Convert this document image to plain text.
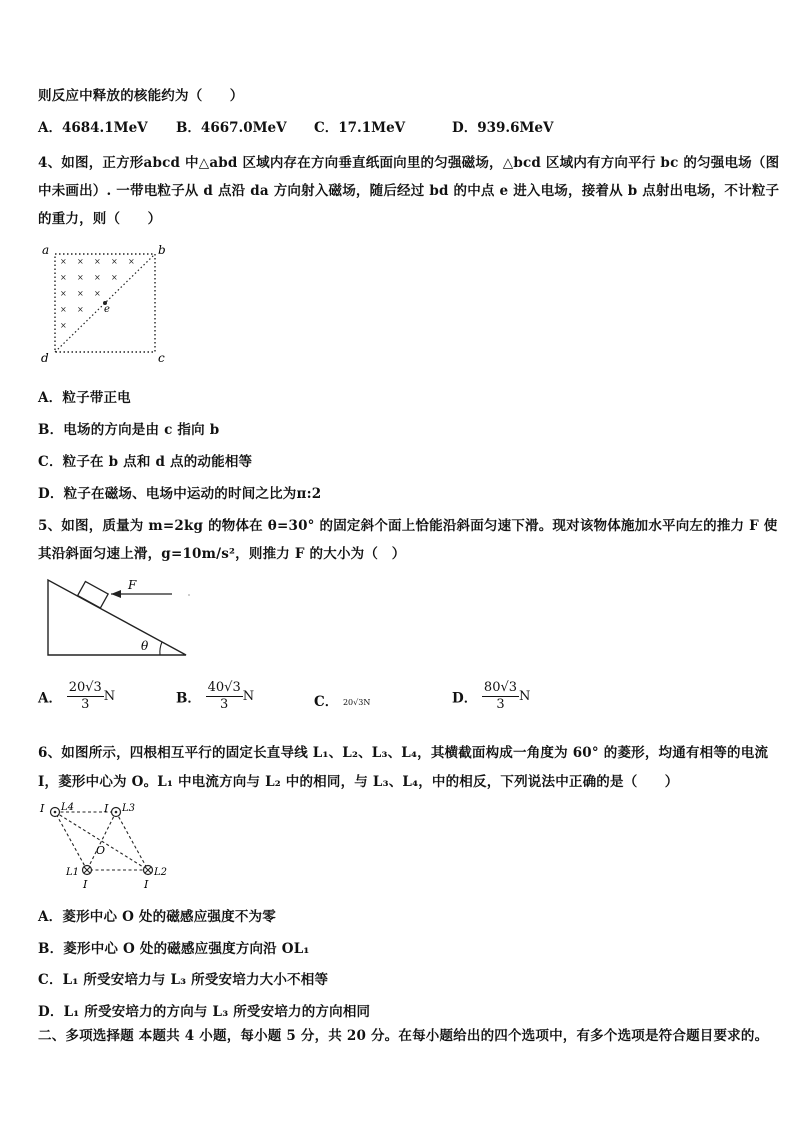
则反应中释放的核能约为（　　）
A．4684.1MeV B．4667.0MeV C．17.1MeV	D．939.6MeV
4、如图，正方形abcd 中△abd 区域内存在方向垂直纸面向里的匀强磁场，△bcd 区域内有方向平行 bc 的匀强电场（图
中未画出）. 一带电粒子从 d 点沿 da 方向射入磁场，随后经过 bd 的中点 e 进入电场，接着从 b 点射出电场，不计粒子
的重力，则（　　）
× × × × ×
× × × ×
× × ×
× ×
×
a	b
c
d
e
A．粒子带正电
B．电场的方向是由 c 指向 b
C．粒子在 b 点和 d 点的动能相等
D．粒子在磁场、电场中运动的时间之比为π:2
5、如图，质量为 m=2kg 的物体在 θ=30° 的固定斜个面上恰能沿斜面匀速下滑。现对该物体施加水平向左的推力 F 使
其沿斜面匀速上滑，g=10m/s²，则推力 F 的大小为（　）
F
θ
A． $\frac{20√3}{3}$ N	B． $\frac{40√3}{3}$ N	C． 20√3N	D． $\frac{80√3}{3}$ N
6、如图所示，四根相互平行的固定长直导线 L₁、L₂、L₃、L₄，其横截面构成一角度为 60° 的菱形，均通有相等的电流
I，菱形中心为 O。L₁ 中电流方向与 L₂ 中的相同，与 L₃、L₄，中的相反，下列说法中正确的是（　　）
I L4	I L3
O
L1
I
L2
I
A．菱形中心 O 处的磁感应强度不为零
B．菱形中心 O 处的磁感应强度方向沿 OL₁
C．L₁ 所受安培力与 L₃ 所受安培力大小不相等
D．L₁ 所受安培力的方向与 L₃ 所受安培力的方向相同
二、多项选择题 本题共 4 小题，每小题 5 分，共 20 分。在每小题给出的四个选项中，有多个选项是符合题目要求的。
